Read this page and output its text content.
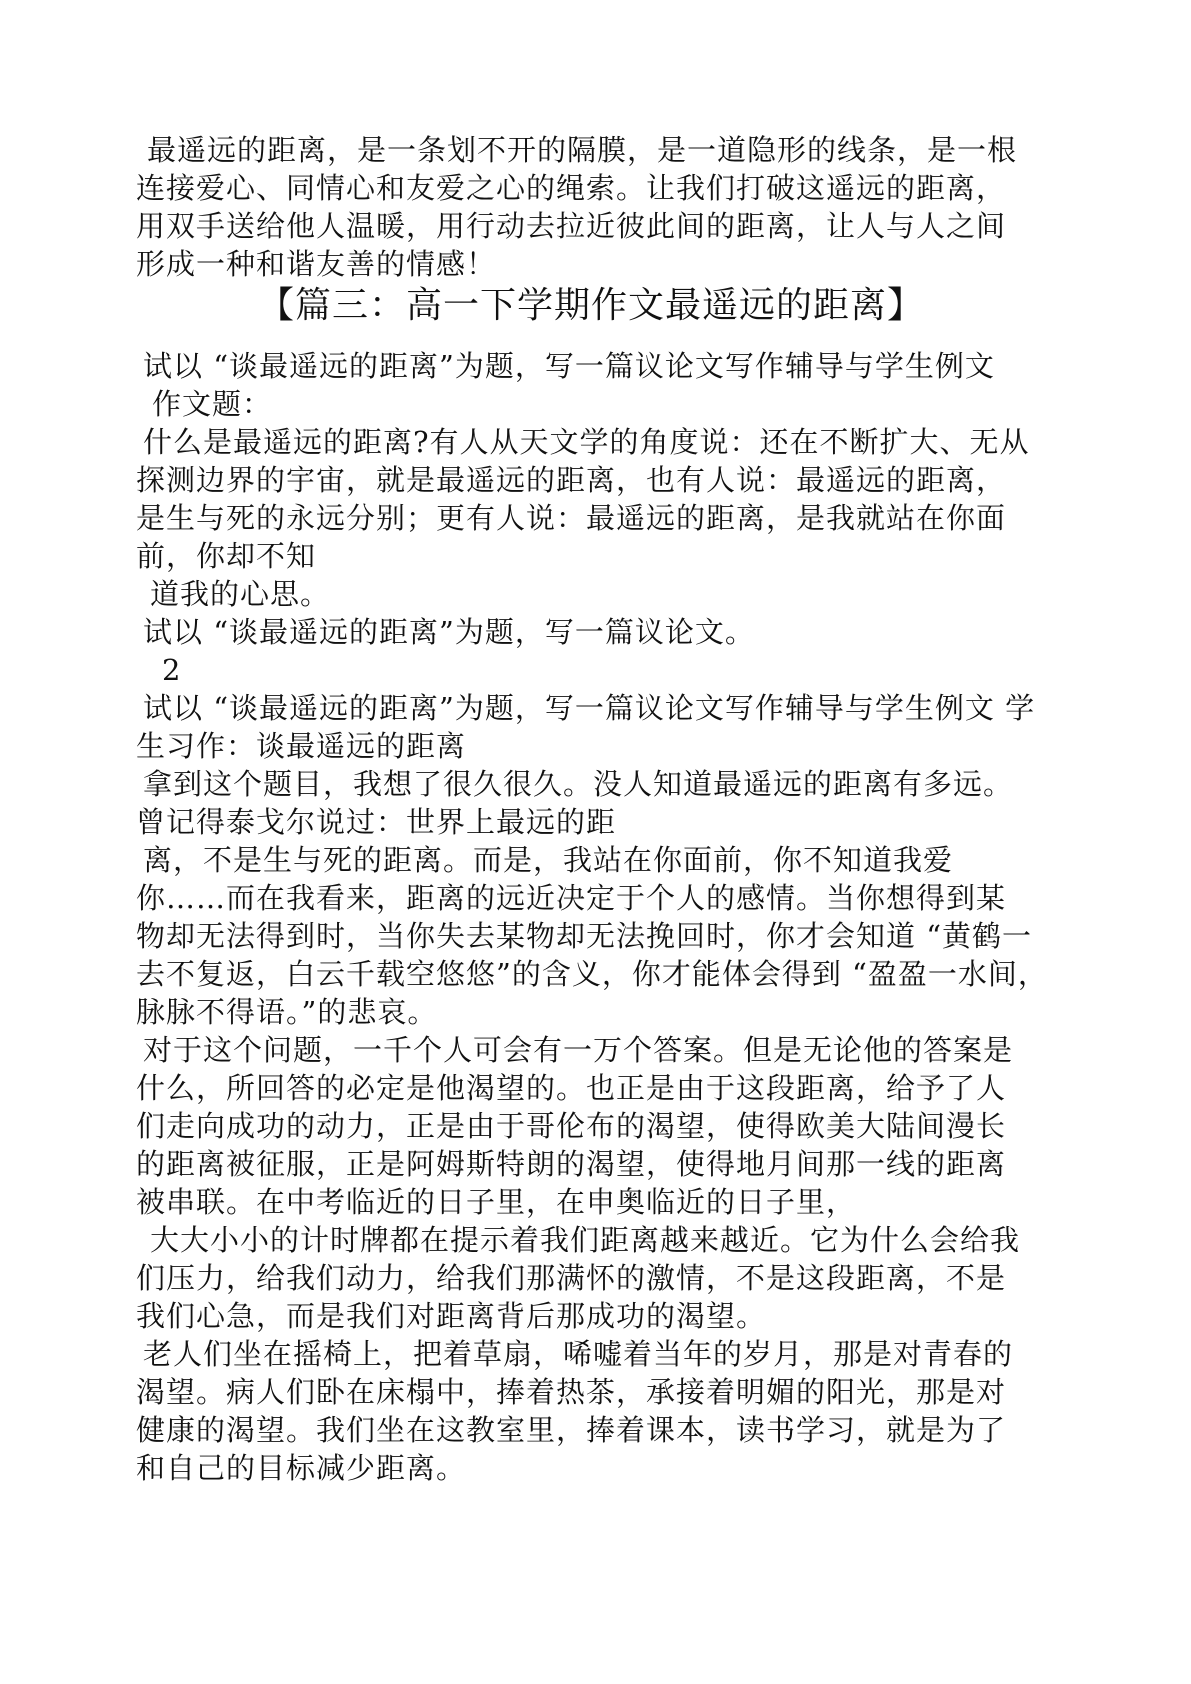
最遥远的距离，是一条划不开的隔膜，是一道隐形的线条，是一根
连接爱心、同情心和友爱之心的绳索。让我们打破这遥远的距离，
用双手送给他人温暖，用行动去拉近彼此间的距离，让人与人之间
形成一种和谐友善的情感！
【篇三：高一下学期作文最遥远的距离】
试以 “谈最遥远的距离”为题，写一篇议论文写作辅导与学生例文
作文题：
什么是最遥远的距离?有人从天文学的角度说：还在不断扩大、无从
探测边界的宇宙，就是最遥远的距离，也有人说：最遥远的距离，
是生与死的永远分别；更有人说：最遥远的距离，是我就站在你面
前，你却不知
道我的心思。
试以 “谈最遥远的距离”为题，写一篇议论文。
2
试以 “谈最遥远的距离”为题，写一篇议论文写作辅导与学生例文 学
生习作：谈最遥远的距离
拿到这个题目，我想了很久很久。没人知道最遥远的距离有多远。
曾记得泰戈尔说过：世界上最远的距
离，不是生与死的距离。而是，我站在你面前，你不知道我爱
你……而在我看来，距离的远近决定于个人的感情。当你想得到某
物却无法得到时，当你失去某物却无法挽回时，你才会知道 “黄鹤一
去不复返，白云千载空悠悠”的含义，你才能体会得到 “盈盈一水间，
脉脉不得语。”的悲哀。
对于这个问题，一千个人可会有一万个答案。但是无论他的答案是
什么，所回答的必定是他渴望的。也正是由于这段距离，给予了人
们走向成功的动力，正是由于哥伦布的渴望，使得欧美大陆间漫长
的距离被征服，正是阿姆斯特朗的渴望，使得地月间那一线的距离
被串联。在中考临近的日子里，在申奥临近的日子里，
大大小小的计时牌都在提示着我们距离越来越近。它为什么会给我
们压力，给我们动力，给我们那满怀的激情，不是这段距离，不是
我们心急，而是我们对距离背后那成功的渴望。
老人们坐在摇椅上，把着草扇，唏嘘着当年的岁月，那是对青春的
渴望。病人们卧在床榻中，捧着热茶，承接着明媚的阳光，那是对
健康的渴望。我们坐在这教室里，捧着课本，读书学习，就是为了
和自己的目标减少距离。
